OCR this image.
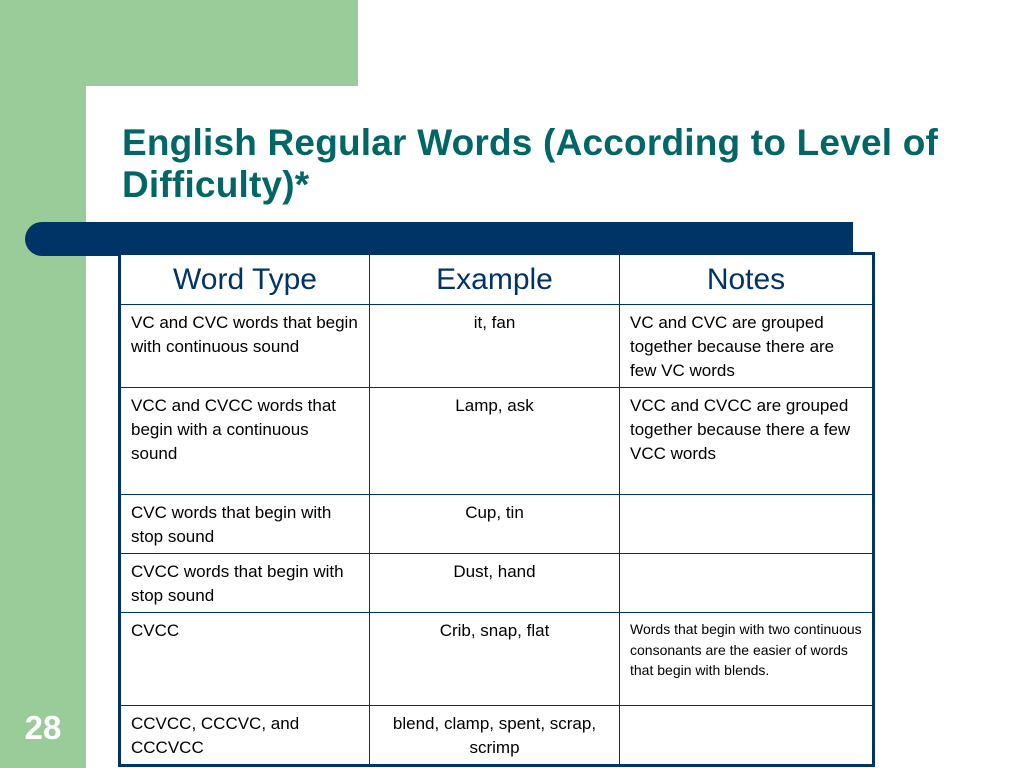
English Regular Words (According to Level of Difficulty)*
28
Word Type	Example	Notes
VC and CVC words that begin with continuous sound	it, fan	VC and CVC are grouped together because there are few VC words
VCC and CVCC words that begin with a continuous sound	Lamp, ask	VCC and CVCC are grouped together because there a few VCC words
CVC words that begin with stop sound	Cup, tin	
CVCC words that begin with stop sound	Dust, hand	
CVCC	Crib, snap, flat	Words that begin with two continuous consonants are the easier of words that begin with blends.
CCVCC, CCCVC, and CCCVCC	blend, clamp, spent, scrap, scrimp	
